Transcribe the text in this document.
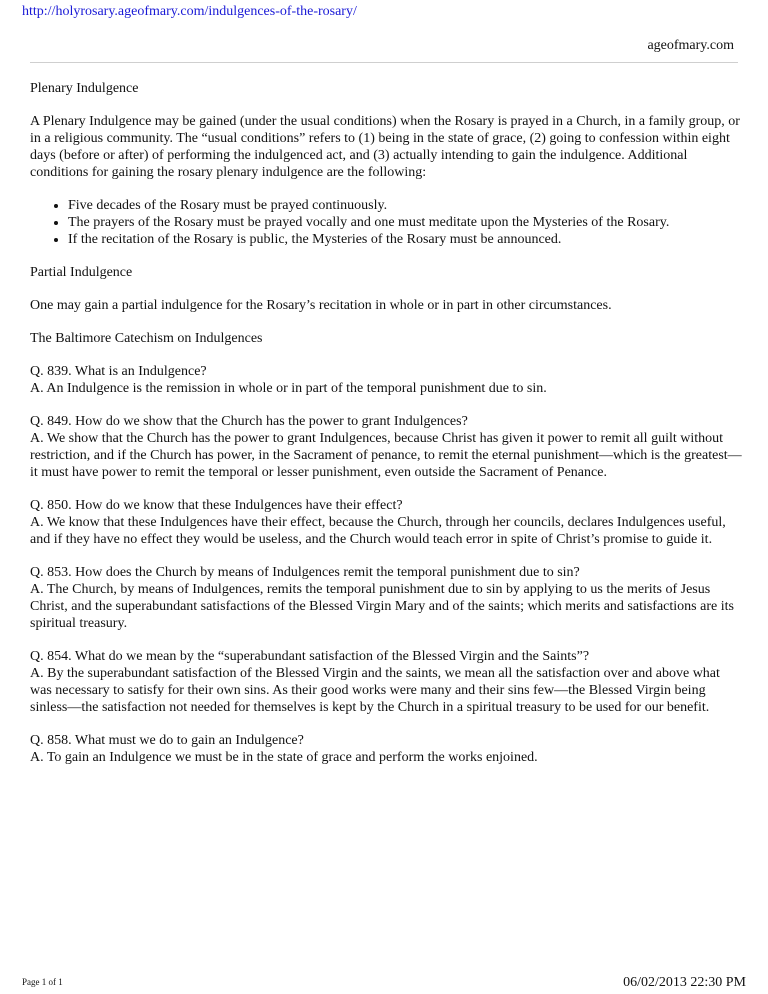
http://holyrosary.ageofmary.com/indulgences-of-the-rosary/
ageofmary.com

Plenary Indulgence

A Plenary Indulgence may be gained (under the usual conditions) when the Rosary is prayed in a Church, in a family group, or in a religious community. The “usual conditions” refers to (1) being in the state of grace, (2) going to confession within eight days (before or after) of performing the indulgenced act, and (3) actually intending to gain the indulgence. Additional conditions for gaining the rosary plenary indulgence are the following:

• Five decades of the Rosary must be prayed continuously.
• The prayers of the Rosary must be prayed vocally and one must meditate upon the Mysteries of the Rosary.
• If the recitation of the Rosary is public, the Mysteries of the Rosary must be announced.

Partial Indulgence

One may gain a partial indulgence for the Rosary’s recitation in whole or in part in other circumstances.

The Baltimore Catechism on Indulgences

Q. 839. What is an Indulgence?
A. An Indulgence is the remission in whole or in part of the temporal punishment due to sin.
Q. 849. How do we show that the Church has the power to grant Indulgences?
A. We show that the Church has the power to grant Indulgences, because Christ has given it power to remit all guilt without restriction, and if the Church has power, in the Sacrament of penance, to remit the eternal punishment—which is the greatest—it must have power to remit the temporal or lesser punishment, even outside the Sacrament of Penance.
Q. 850. How do we know that these Indulgences have their effect?
A. We know that these Indulgences have their effect, because the Church, through her councils, declares Indulgences useful, and if they have no effect they would be useless, and the Church would teach error in spite of Christ’s promise to guide it.
Q. 853. How does the Church by means of Indulgences remit the temporal punishment due to sin?
A. The Church, by means of Indulgences, remits the temporal punishment due to sin by applying to us the merits of Jesus Christ, and the superabundant satisfactions of the Blessed Virgin Mary and of the saints; which merits and satisfactions are its spiritual treasury.
Q. 854. What do we mean by the “superabundant satisfaction of the Blessed Virgin and the Saints”?
A. By the superabundant satisfaction of the Blessed Virgin and the saints, we mean all the satisfaction over and above what was necessary to satisfy for their own sins. As their good works were many and their sins few—the Blessed Virgin being sinless—the satisfaction not needed for themselves is kept by the Church in a spiritual treasury to be used for our benefit.
Q. 858. What must we do to gain an Indulgence?
A. To gain an Indulgence we must be in the state of grace and perform the works enjoined.
Page 1 of 1	06/02/2013 22:30 PM
